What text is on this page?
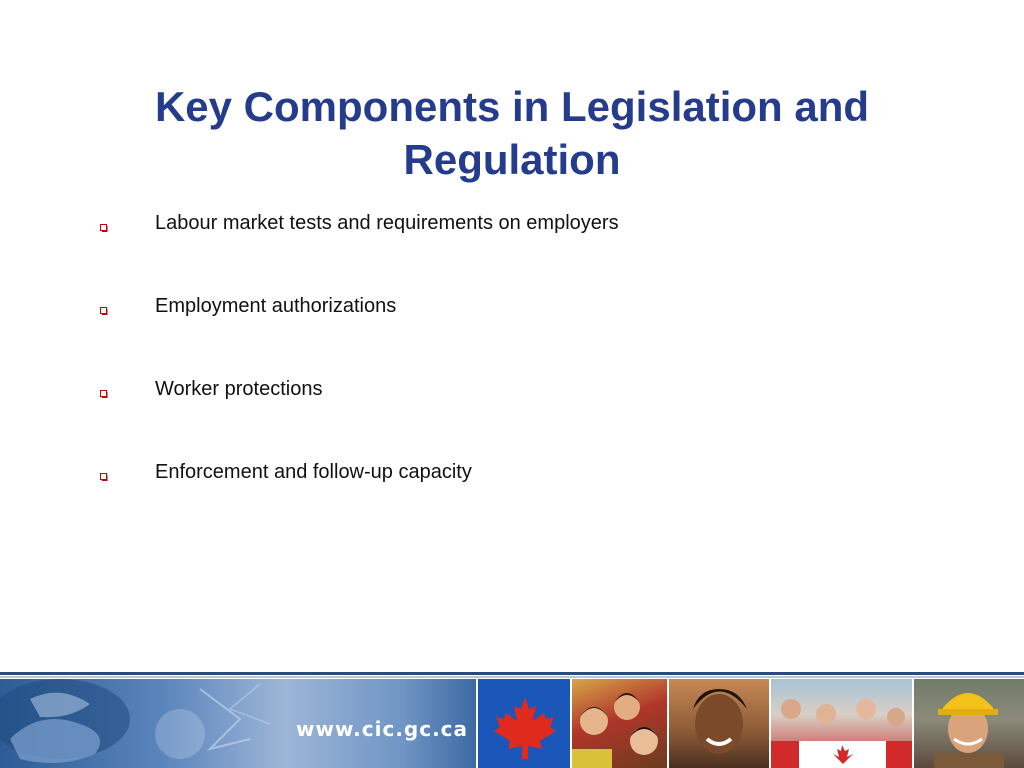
Key Components in Legislation and Regulation
Labour market tests and requirements on employers
Employment authorizations
Worker protections
Enforcement and follow-up capacity
www.cic.gc.ca
